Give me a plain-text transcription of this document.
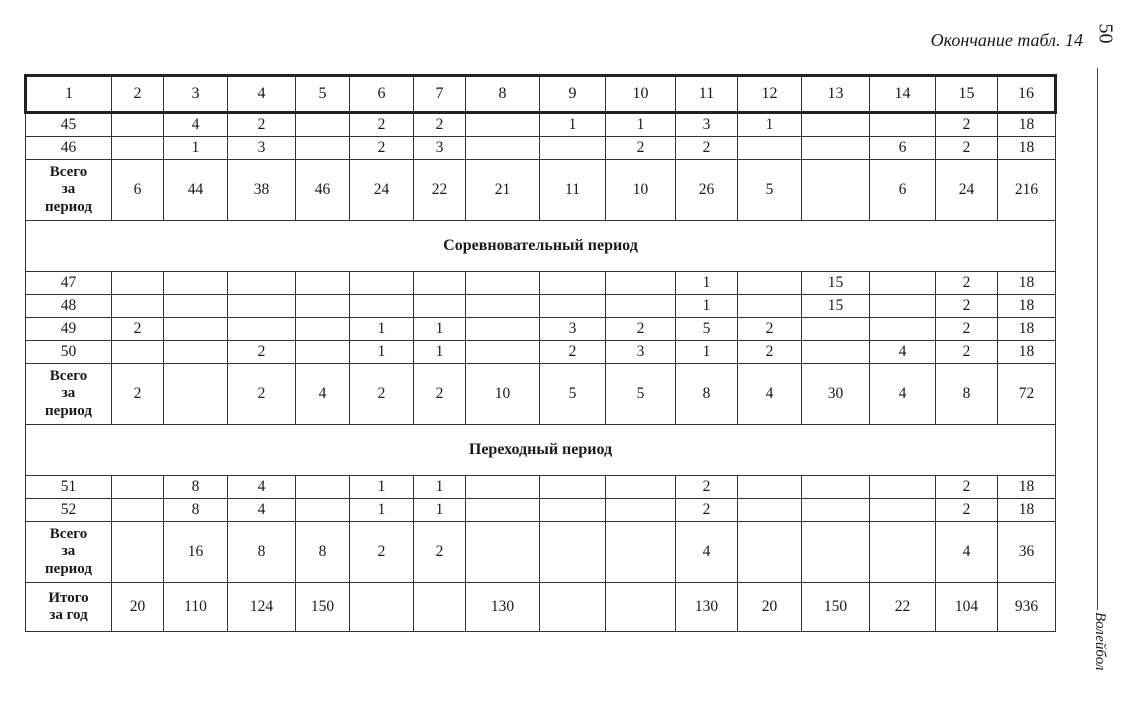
Окончание табл. 14 50
Волейбол
1	2	3	4	5	6	7	8	9	10	11	12	13	14	15	16
45		4	2		2	2		1	1	3	1			2	18
46		1	3		2	3			2	2			6	2	18
Всего
за
период	6	44	38	46	24	22	21	11	10	26	5		6	24	216
Соревновательный период															
47										1		15		2	18
48										1		15		2	18
49	2				1	1		3	2	5	2			2	18
50			2		1	1		2	3	1	2		4	2	18
Всего
за
период	2		2	4	2	2	10	5	5	8	4	30	4	8	72
Переходный период															
51		8	4		1	1				2				2	18
52		8	4		1	1				2				2	18
Всего
за
период		16	8	8	2	2				4				4	36
Итого
за год	20	110	124	150			130			130	20	150	22	104	936
